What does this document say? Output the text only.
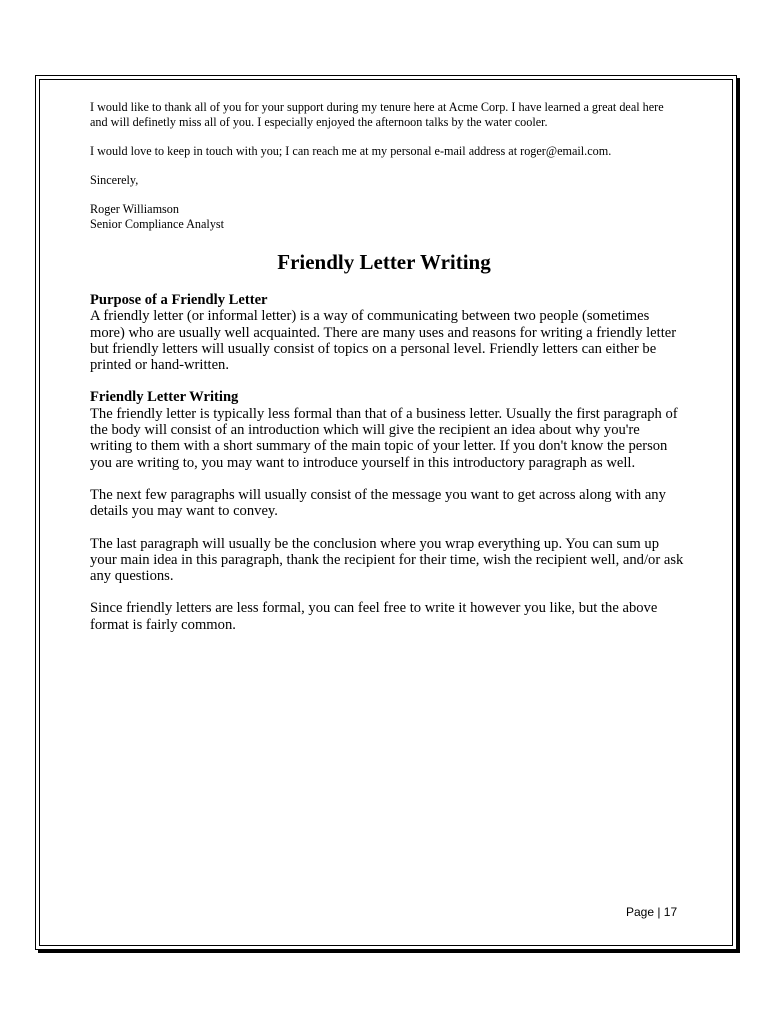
I would like to thank all of you for your support during my tenure here at Acme Corp. I have learned a great deal here and will definetly miss all of you. I especially enjoyed the afternoon talks by the water cooler.

I would love to keep in touch with you; I can reach me at my personal e-mail address at roger@email.com.

Sincerely,

Roger Williamson
Senior Compliance Analyst
Friendly Letter Writing
Purpose of a Friendly Letter

A friendly letter (or informal letter) is a way of communicating between two people (sometimes more) who are usually well acquainted. There are many uses and reasons for writing a friendly letter but friendly letters will usually consist of topics on a personal level. Friendly letters can either be printed or hand-written.

Friendly Letter Writing

The friendly letter is typically less formal than that of a business letter. Usually the first paragraph of the body will consist of an introduction which will give the recipient an idea about why you're writing to them with a short summary of the main topic of your letter. If you don't know the person you are writing to, you may want to introduce yourself in this introductory paragraph as well.

The next few paragraphs will usually consist of the message you want to get across along with any details you may want to convey.

The last paragraph will usually be the conclusion where you wrap everything up. You can sum up your main idea in this paragraph, thank the recipient for their time, wish the recipient well, and/or ask any questions.

Since friendly letters are less formal, you can feel free to write it however you like, but the above format is fairly common.

Page | 17
